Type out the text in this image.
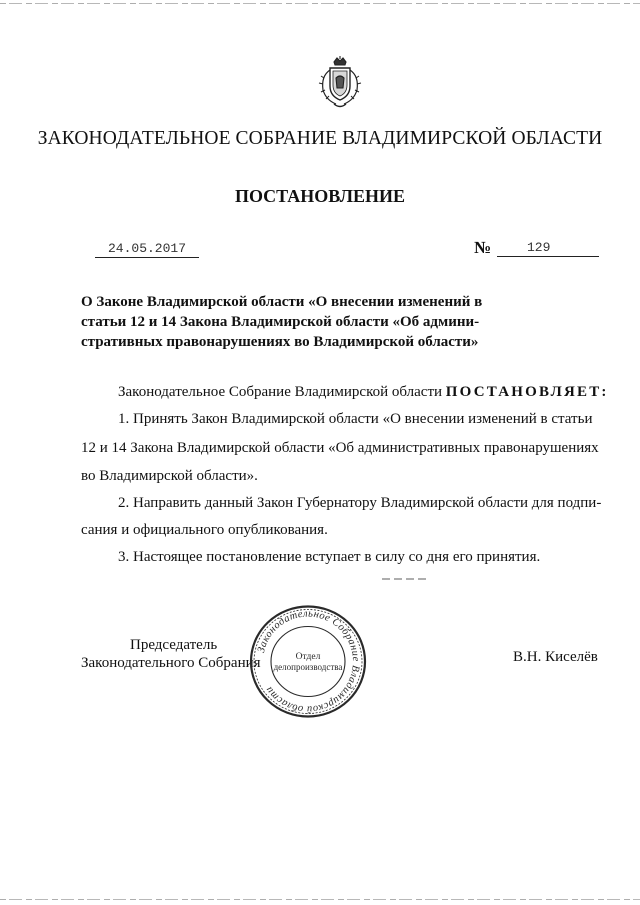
ЗАКОНОДАТЕЛЬНОЕ СОБРАНИЕ ВЛАДИМИРСКОЙ ОБЛАСТИ
ПОСТАНОВЛЕНИЕ
24.05.2017	№	129
О Законе Владимирской области «О внесении изменений в
статьи 12 и 14 Закона Владимирской области «Об админи-
стративных правонарушениях во Владимирской области»
Законодательное Собрание Владимирской области ПОСТАНОВЛЯЕТ:
1. Принять Закон Владимирской области «О внесении изменений в статьи
12 и 14 Закона Владимирской области «Об административных правонарушениях
во Владимирской области».
2. Направить данный Закон Губернатору Владимирской области для подпи-
сания и официального опубликования.
3. Настоящее постановление вступает в силу со дня его принятия.
Председатель
Законодательного Собрания	В.Н. Киселёв
Законодательное Собрание Владимирской области
Отдел
делопроизводства
